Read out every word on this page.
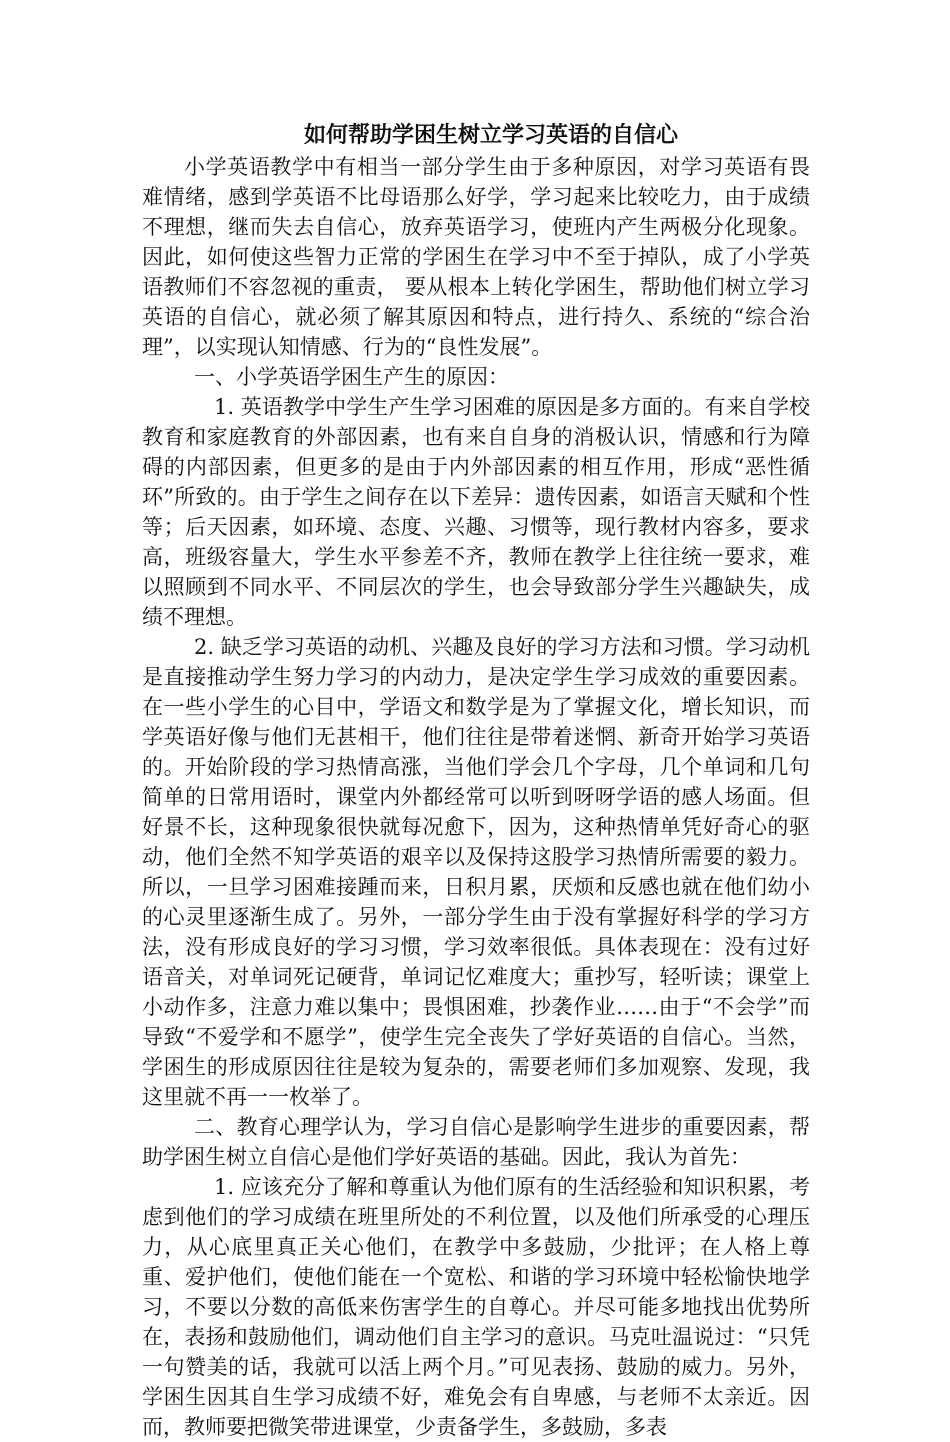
如何帮助学困生树立学习英语的自信心

小学英语教学中有相当一部分学生由于多种原因，对学习英语有畏难情绪，感到学英语不比母语那么好学，学习起来比较吃力，由于成绩不理想，继而失去自信心，放弃英语学习，使班内产生两极分化现象。因此，如何使这些智力正常的学困生在学习中不至于掉队，成了小学英语教师们不容忽视的重责， 要从根本上转化学困生，帮助他们树立学习英语的自信心，就必须了解其原因和特点，进行持久、系统的“综合治理”，以实现认知情感、行为的“良性发展”。

一、小学英语学困生产生的原因：

1. 英语教学中学生产生学习困难的原因是多方面的。有来自学校教育和家庭教育的外部因素，也有来自自身的消极认识，情感和行为障碍的内部因素，但更多的是由于内外部因素的相互作用，形成“恶性循环”所致的。由于学生之间存在以下差异：遗传因素，如语言天赋和个性等；后天因素，如环境、态度、兴趣、习惯等，现行教材内容多，要求高，班级容量大，学生水平参差不齐，教师在教学上往往统一要求，难以照顾到不同水平、不同层次的学生，也会导致部分学生兴趣缺失，成绩不理想。

2. 缺乏学习英语的动机、兴趣及良好的学习方法和习惯。学习动机是直接推动学生努力学习的内动力，是决定学生学习成效的重要因素。在一些小学生的心目中，学语文和数学是为了掌握文化，增长知识，而学英语好像与他们无甚相干，他们往往是带着迷惘、新奇开始学习英语的。开始阶段的学习热情高涨，当他们学会几个字母，几个单词和几句简单的日常用语时，课堂内外都经常可以听到呀呀学语的感人场面。但好景不长，这种现象很快就每况愈下，因为，这种热情单凭好奇心的驱动，他们全然不知学英语的艰辛以及保持这股学习热情所需要的毅力。所以，一旦学习困难接踵而来，日积月累，厌烦和反感也就在他们幼小的心灵里逐渐生成了。另外，一部分学生由于没有掌握好科学的学习方法，没有形成良好的学习习惯，学习效率很低。具体表现在：没有过好语音关，对单词死记硬背，单词记忆难度大；重抄写，轻听读；课堂上小动作多，注意力难以集中；畏惧困难，抄袭作业……由于“不会学”而导致“不爱学和不愿学”，使学生完全丧失了学好英语的自信心。当然，学困生的形成原因往往是较为复杂的，需要老师们多加观察、发现，我这里就不再一一枚举了。

二、教育心理学认为，学习自信心是影响学生进步的重要因素，帮助学困生树立自信心是他们学好英语的基础。因此，我认为首先：

1. 应该充分了解和尊重认为他们原有的生活经验和知识积累，考虑到他们的学习成绩在班里所处的不利位置，以及他们所承受的心理压力，从心底里真正关心他们，在教学中多鼓励，少批评；在人格上尊重、爱护他们，使他们能在一个宽松、和谐的学习环境中轻松愉快地学习，不要以分数的高低来伤害学生的自尊心。并尽可能多地找出优势所在，表扬和鼓励他们，调动他们自主学习的意识。马克吐温说过：“只凭一句赞美的话，我就可以活上两个月。”可见表扬、鼓励的威力。另外，学困生因其自生学习成绩不好，难免会有自卑感，与老师不太亲近。因而，教师要把微笑带进课堂，少责备学生，多鼓励，多表
